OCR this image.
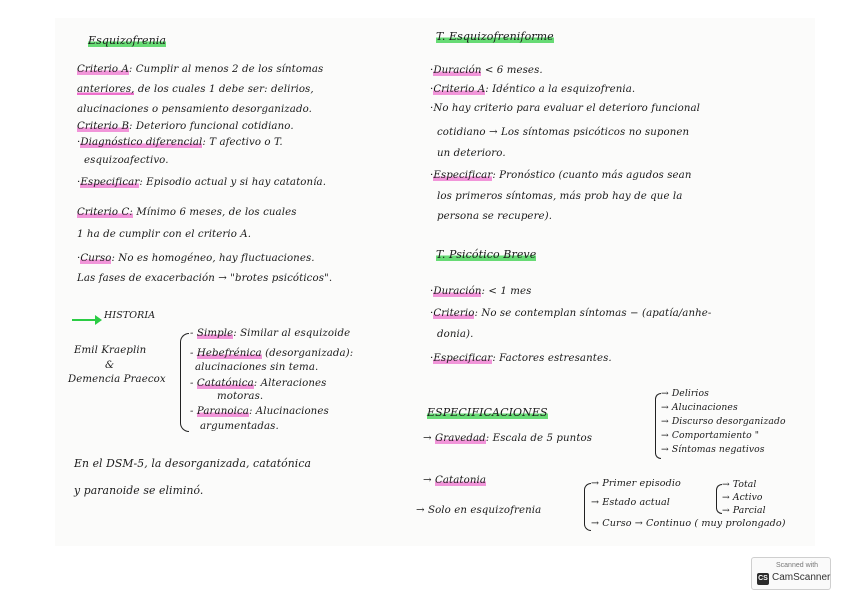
Esquizofrenia
Criterio A: Cumplir al menos 2 de los síntomas
anteriores, de los cuales 1 debe ser: delirios,
alucinaciones o pensamiento desorganizado.
Criterio B: Deterioro funcional cotidiano.
·Diagnóstico diferencial: T afectivo o T.
esquizoafectivo.
·Especificar: Episodio actual y si hay catatonía.
Criterio C: Mínimo 6 meses, de los cuales
1 ha de cumplir con el criterio A.
·Curso: No es homogéneo, hay fluctuaciones.
Las fases de exacerbación → "brotes psicóticos".
HISTORIA
Emil Kraeplin
&
Demencia Praecox
- Simple: Similar al esquizoide
- Hebefrénica (desorganizada):
alucinaciones sin tema.
- Catatónica: Alteraciones
motoras.
- Paranoica: Alucinaciones
argumentadas.
En el DSM-5, la desorganizada, catatónica
y paranoide se eliminó.
T. Esquizofreniforme
·Duración < 6 meses.
·Criterio A: Idéntico a la esquizofrenia.
·No hay criterio para evaluar el deterioro funcional
cotidiano → Los síntomas psicóticos no suponen
un deterioro.
·Especificar: Pronóstico (cuanto más agudos sean
los primeros síntomas, más prob hay de que la
persona se recupere).
T. Psicótico Breve
·Duración: < 1 mes
·Criterio: No se contemplan síntomas − (apatía/anhe-
donia).
·Especificar: Factores estresantes.
ESPECIFICACIONES
→ Gravedad: Escala de 5 puntos
→ Delirios
→ Alucinaciones
→ Discurso desorganizado
→ Comportamiento "
→ Síntomas negativos
→ Catatonia
→ Solo en esquizofrenia
→ Primer episodio
→ Estado actual
→ Curso → Continuo ( muy prolongado)
→ Total
→ Activo
→ Parcial
Scanned with
CS CamScanner
